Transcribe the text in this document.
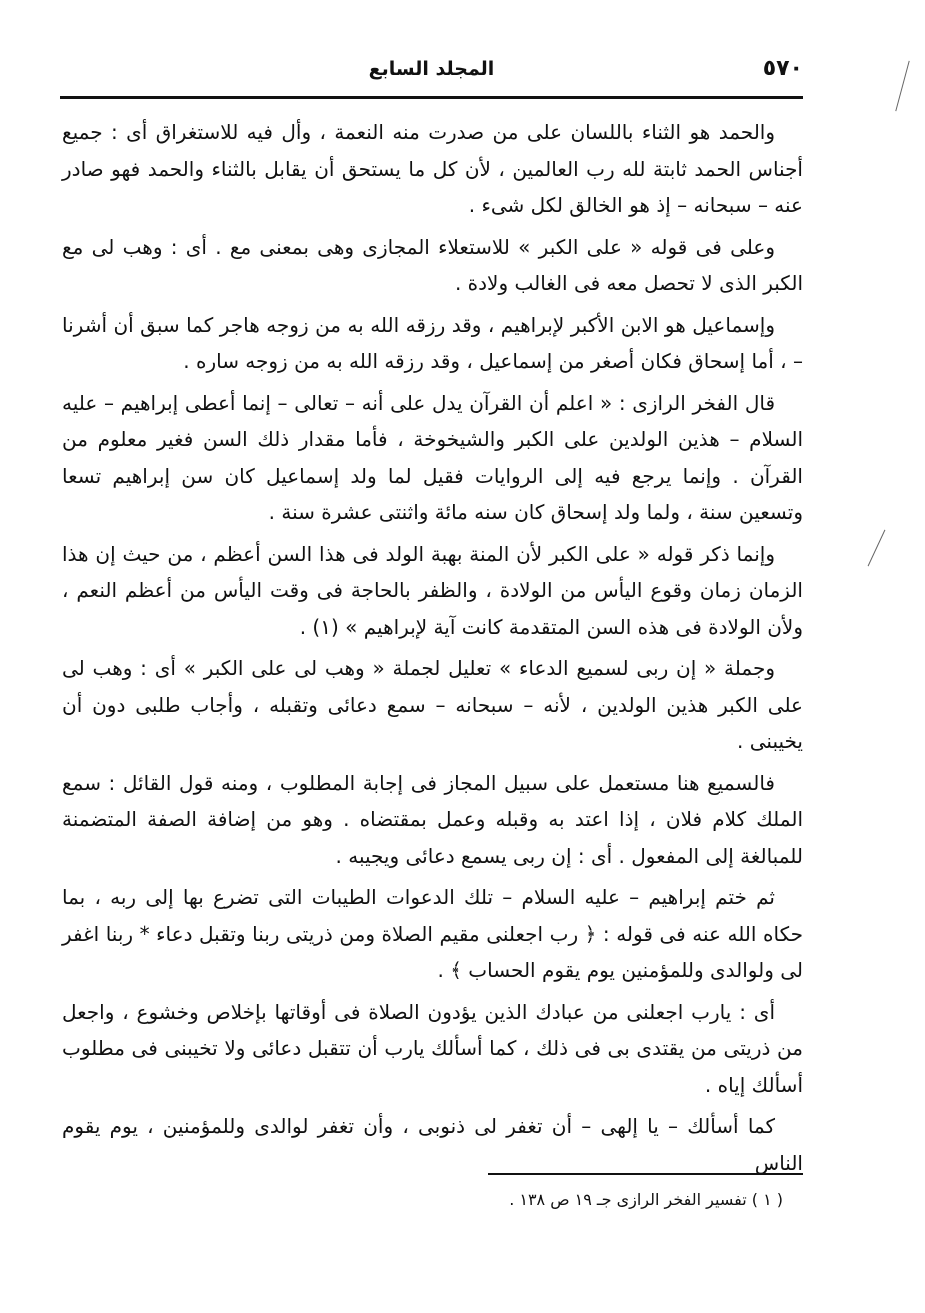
٥٧٠
المجلد السابع

والحمد هو الثناء باللسان على من صدرت منه النعمة ، وأل فيه للاستغراق أى : جميع أجناس الحمد ثابتة لله رب العالمين ، لأن كل ما يستحق أن يقابل بالثناء والحمد فهو صادر عنه – سبحانه – إذ هو الخالق لكل شىء .

وعلى فى قوله « على الكبر » للاستعلاء المجازى وهى بمعنى مع . أى : وهب لى مع الكبر الذى لا تحصل معه فى الغالب ولادة .

وإسماعيل هو الابن الأكبر لإبراهيم ، وقد رزقه الله به من زوجه هاجر كما سبق أن أشرنا – ، أما إسحاق فكان أصغر من إسماعيل ، وقد رزقه الله به من زوجه ساره .

قال الفخر الرازى : « اعلم أن القرآن يدل على أنه – تعالى – إنما أعطى إبراهيم – عليه السلام – هذين الولدين على الكبر والشيخوخة ، فأما مقدار ذلك السن فغير معلوم من القرآن . وإنما يرجع فيه إلى الروايات فقيل لما ولد إسماعيل كان سن إبراهيم تسعا وتسعين سنة ، ولما ولد إسحاق كان سنه مائة واثنتى عشرة سنة .

وإنما ذكر قوله « على الكبر لأن المنة بهبة الولد فى هذا السن أعظم ، من حيث إن هذا الزمان زمان وقوع اليأس من الولادة ، والظفر بالحاجة فى وقت اليأس من أعظم النعم ، ولأن الولادة فى هذه السن المتقدمة كانت آية لإبراهيم » (١) .

وجملة « إن ربى لسميع الدعاء » تعليل لجملة « وهب لى على الكبر » أى : وهب لى على الكبر هذين الولدين ، لأنه – سبحانه – سمع دعائى وتقبله ، وأجاب طلبى دون أن يخيبنى .

فالسميع هنا مستعمل على سبيل المجاز فى إجابة المطلوب ، ومنه قول القائل : سمع الملك كلام فلان ، إذا اعتد به وقبله وعمل بمقتضاه . وهو من إضافة الصفة المتضمنة للمبالغة إلى المفعول . أى : إن ربى يسمع دعائى ويجيبه .

ثم ختم إبراهيم – عليه السلام – تلك الدعوات الطيبات التى تضرع بها إلى ربه ، بما حكاه الله عنه فى قوله : ﴿ رب اجعلنى مقيم الصلاة ومن ذريتى ربنا وتقبل دعاء * ربنا اغفر لى ولوالدى وللمؤمنين يوم يقوم الحساب ﴾ .

أى : يارب اجعلنى من عبادك الذين يؤدون الصلاة فى أوقاتها بإخلاص وخشوع ، واجعل من ذريتى من يقتدى بى فى ذلك ، كما أسألك يارب أن تتقبل دعائى ولا تخيبنى فى مطلوب أسألك إياه .

كما أسألك – يا إلهى – أن تغفر لى ذنوبى ، وأن تغفر لوالدى وللمؤمنين ، يوم يقوم الناس

( ١ ) تفسير الفخر الرازى جـ ١٩ ص ١٣٨ .
